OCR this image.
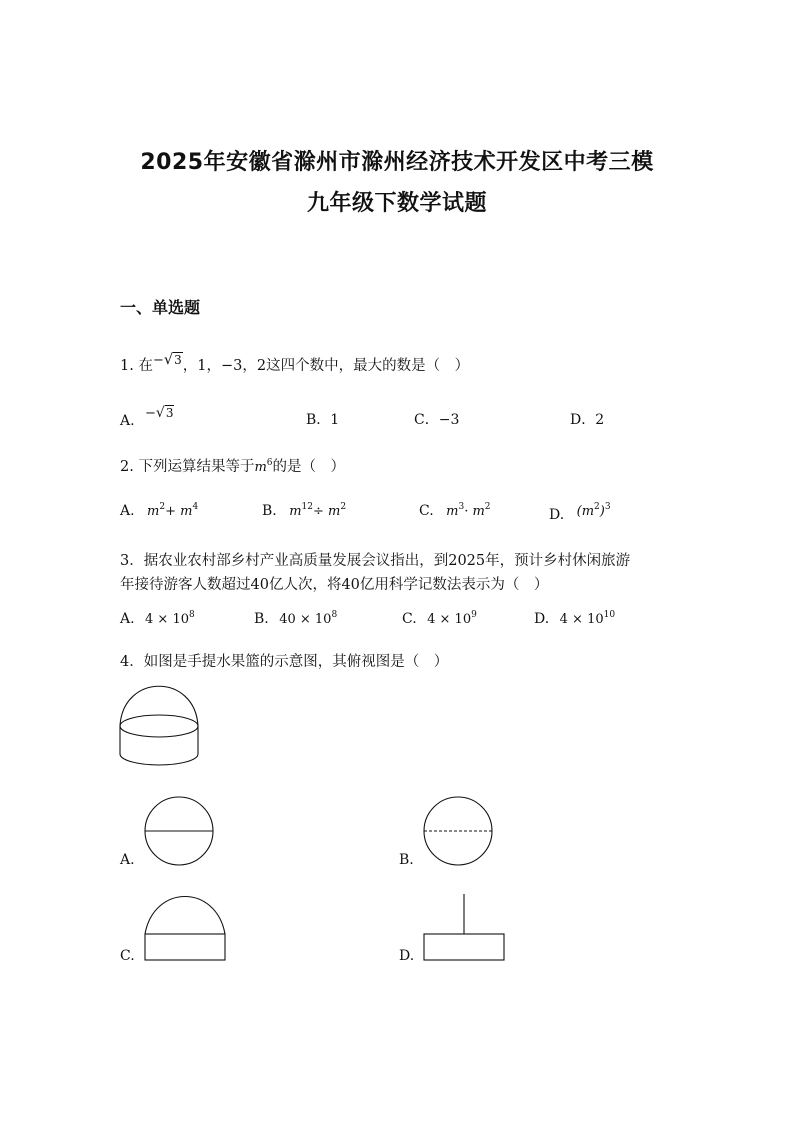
2025年安徽省滁州市滁州经济技术开发区中考三模
九年级下数学试题
一、单选题
1. 在−√3，1，−3，2这四个数中，最大的数是（　）
A. −√3	B．1	C．−3	D．2
2. 下列运算结果等于$m^6$的是（　）
A. $m^2+ m^4$	B. $m^{12}\div m^2$	C. $m^3\cdot m^2$	D. $(m^2)^3$
3．据农业农村部乡村产业高质量发展会议指出，到2025年，预计乡村休闲旅游
年接待游客人数超过40亿人次，将40亿用科学记数法表示为（　）
A. $4 \times 10^8$	B. $40 \times 10^8$	C. $4 \times 10^9$	D. $4 \times 10^{10}$
4．如图是手提水果篮的示意图，其俯视图是（　）
A.	B.
C.	D.
